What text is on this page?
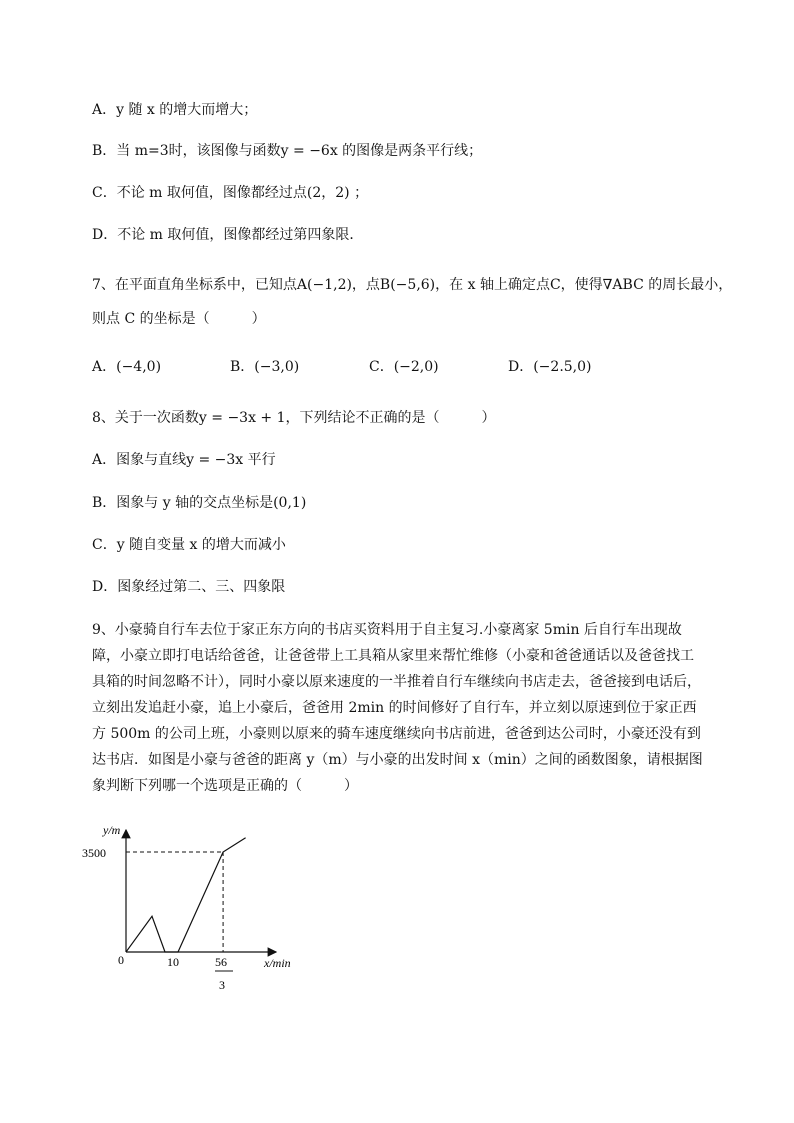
A．y 随 x 的增大而增大；
B．当 m=3时，该图像与函数y = −6x 的图像是两条平行线；
C．不论 m 取何值，图像都经过点(2，2) ；
D．不论 m 取何值，图像都经过第四象限．
7、在平面直角坐标系中，已知点A(−1,2)，点B(−5,6)，在 x 轴上确定点C，使得∇ABC 的周长最小，
则点 C 的坐标是（　　　）
A．(−4,0)	B．(−3,0)	C．(−2,0)	D．(−2.5,0)
8、关于一次函数y = −3x + 1，下列结论不正确的是（　　　）
A．图象与直线y = −3x 平行
B．图象与 y 轴的交点坐标是(0,1)
C．y 随自变量 x 的增大而减小
D．图象经过第二、三、四象限
9、小豪骑自行车去位于家正东方向的书店买资料用于自主复习.小豪离家 5min 后自行车出现故障，小豪立即打电话给爸爸，让爸爸带上工具箱从家里来帮忙维修（小豪和爸爸通话以及爸爸找工具箱的时间忽略不计），同时小豪以原来速度的一半推着自行车继续向书店走去，爸爸接到电话后，立刻出发追赶小豪，追上小豪后，爸爸用 2min 的时间修好了自行车，并立刻以原速到位于家正西方 500m 的公司上班，小豪则以原来的骑车速度继续向书店前进，爸爸到达公司时，小豪还没有到达书店．如图是小豪与爸爸的距离 y（m）与小豪的出发时间 x（min）之间的函数图象，请根据图象判断下列哪一个选项是正确的（　　　）
y/m
x/min
0	10
3500
56
3
